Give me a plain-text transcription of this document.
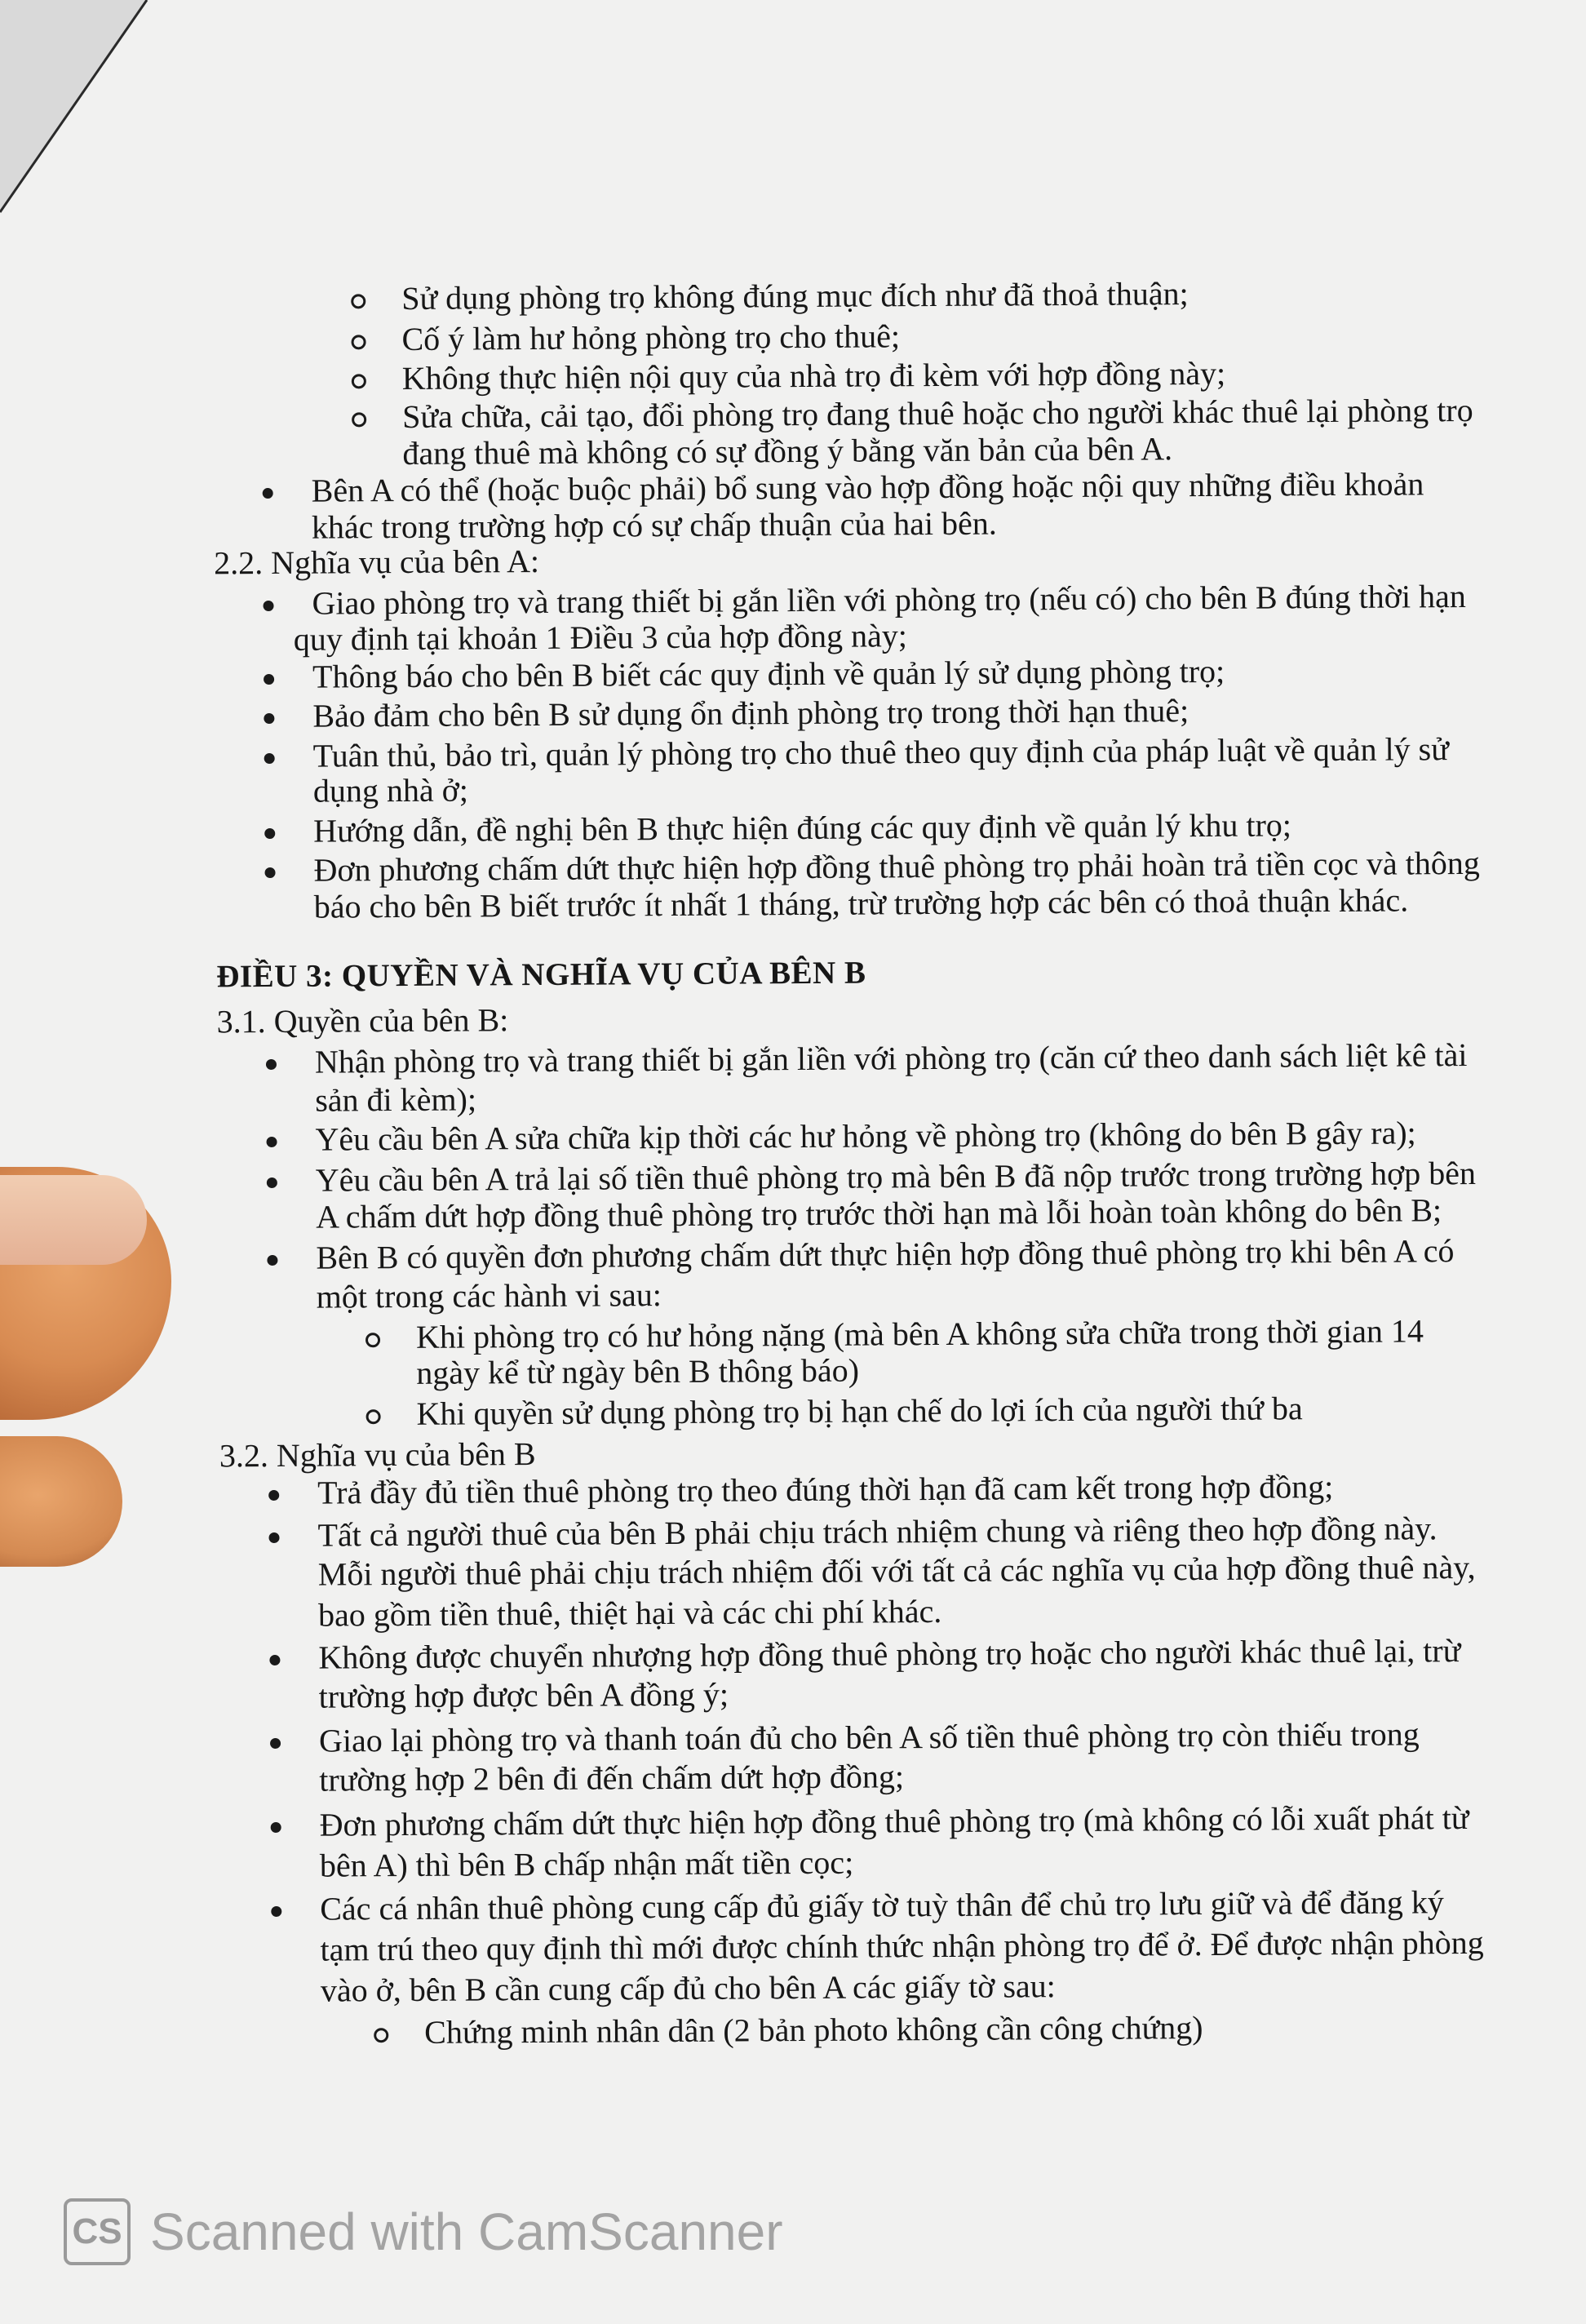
Sử dụng phòng trọ không đúng mục đích như đã thoả thuận;
Cố ý làm hư hỏng phòng trọ cho thuê;
Không thực hiện nội quy của nhà trọ đi kèm với hợp đồng này;
Sửa chữa, cải tạo, đổi phòng trọ đang thuê hoặc cho người khác thuê lại phòng trọ
đang thuê mà không có sự đồng ý bằng văn bản của bên A.
Bên A có thể (hoặc buộc phải) bổ sung vào hợp đồng hoặc nội quy những điều khoản
khác trong trường hợp có sự chấp thuận của hai bên.
2.2. Nghĩa vụ của bên A:
Giao phòng trọ và trang thiết bị gắn liền với phòng trọ (nếu có) cho bên B đúng thời hạn
quy định tại khoản 1 Điều 3 của hợp đồng này;
Thông báo cho bên B biết các quy định về quản lý sử dụng phòng trọ;
Bảo đảm cho bên B sử dụng ổn định phòng trọ trong thời hạn thuê;
Tuân thủ, bảo trì, quản lý phòng trọ cho thuê theo quy định của pháp luật về quản lý sử
dụng nhà ở;
Hướng dẫn, đề nghị bên B thực hiện đúng các quy định về quản lý khu trọ;
Đơn phương chấm dứt thực hiện hợp đồng thuê phòng trọ phải hoàn trả tiền cọc và thông
báo cho bên B biết trước ít nhất 1 tháng, trừ trường hợp các bên có thoả thuận khác.
ĐIỀU 3: QUYỀN VÀ NGHĨA VỤ CỦA BÊN B
3.1. Quyền của bên B:
Nhận phòng trọ và trang thiết bị gắn liền với phòng trọ (căn cứ theo danh sách liệt kê tài
sản đi kèm);
Yêu cầu bên A sửa chữa kịp thời các hư hỏng về phòng trọ (không do bên B gây ra);
Yêu cầu bên A trả lại số tiền thuê phòng trọ mà bên B đã nộp trước trong trường hợp bên
A chấm dứt hợp đồng thuê phòng trọ trước thời hạn mà lỗi hoàn toàn không do bên B;
Bên B có quyền đơn phương chấm dứt thực hiện hợp đồng thuê phòng trọ khi bên A có
một trong các hành vi sau:
Khi phòng trọ có hư hỏng nặng (mà bên A không sửa chữa trong thời gian 14
ngày kể từ ngày bên B thông báo)
Khi quyền sử dụng phòng trọ bị hạn chế do lợi ích của người thứ ba
3.2. Nghĩa vụ của bên B
Trả đầy đủ tiền thuê phòng trọ theo đúng thời hạn đã cam kết trong hợp đồng;
Tất cả người thuê của bên B phải chịu trách nhiệm chung và riêng theo hợp đồng này.
Mỗi người thuê phải chịu trách nhiệm đối với tất cả các nghĩa vụ của hợp đồng thuê này,
bao gồm tiền thuê, thiệt hại và các chi phí khác.
Không được chuyển nhượng hợp đồng thuê phòng trọ hoặc cho người khác thuê lại, trừ
trường hợp được bên A đồng ý;
Giao lại phòng trọ và thanh toán đủ cho bên A số tiền thuê phòng trọ còn thiếu trong
trường hợp 2 bên đi đến chấm dứt hợp đồng;
Đơn phương chấm dứt thực hiện hợp đồng thuê phòng trọ (mà không có lỗi xuất phát từ
bên A) thì bên B chấp nhận mất tiền cọc;
Các cá nhân thuê phòng cung cấp đủ giấy tờ tuỳ thân để chủ trọ lưu giữ và để đăng ký
tạm trú theo quy định thì mới được chính thức nhận phòng trọ để ở. Để được nhận phòng
vào ở, bên B cần cung cấp đủ cho bên A các giấy tờ sau:
Chứng minh nhân dân (2 bản photo không cần công chứng)
CS Scanned with CamScanner
